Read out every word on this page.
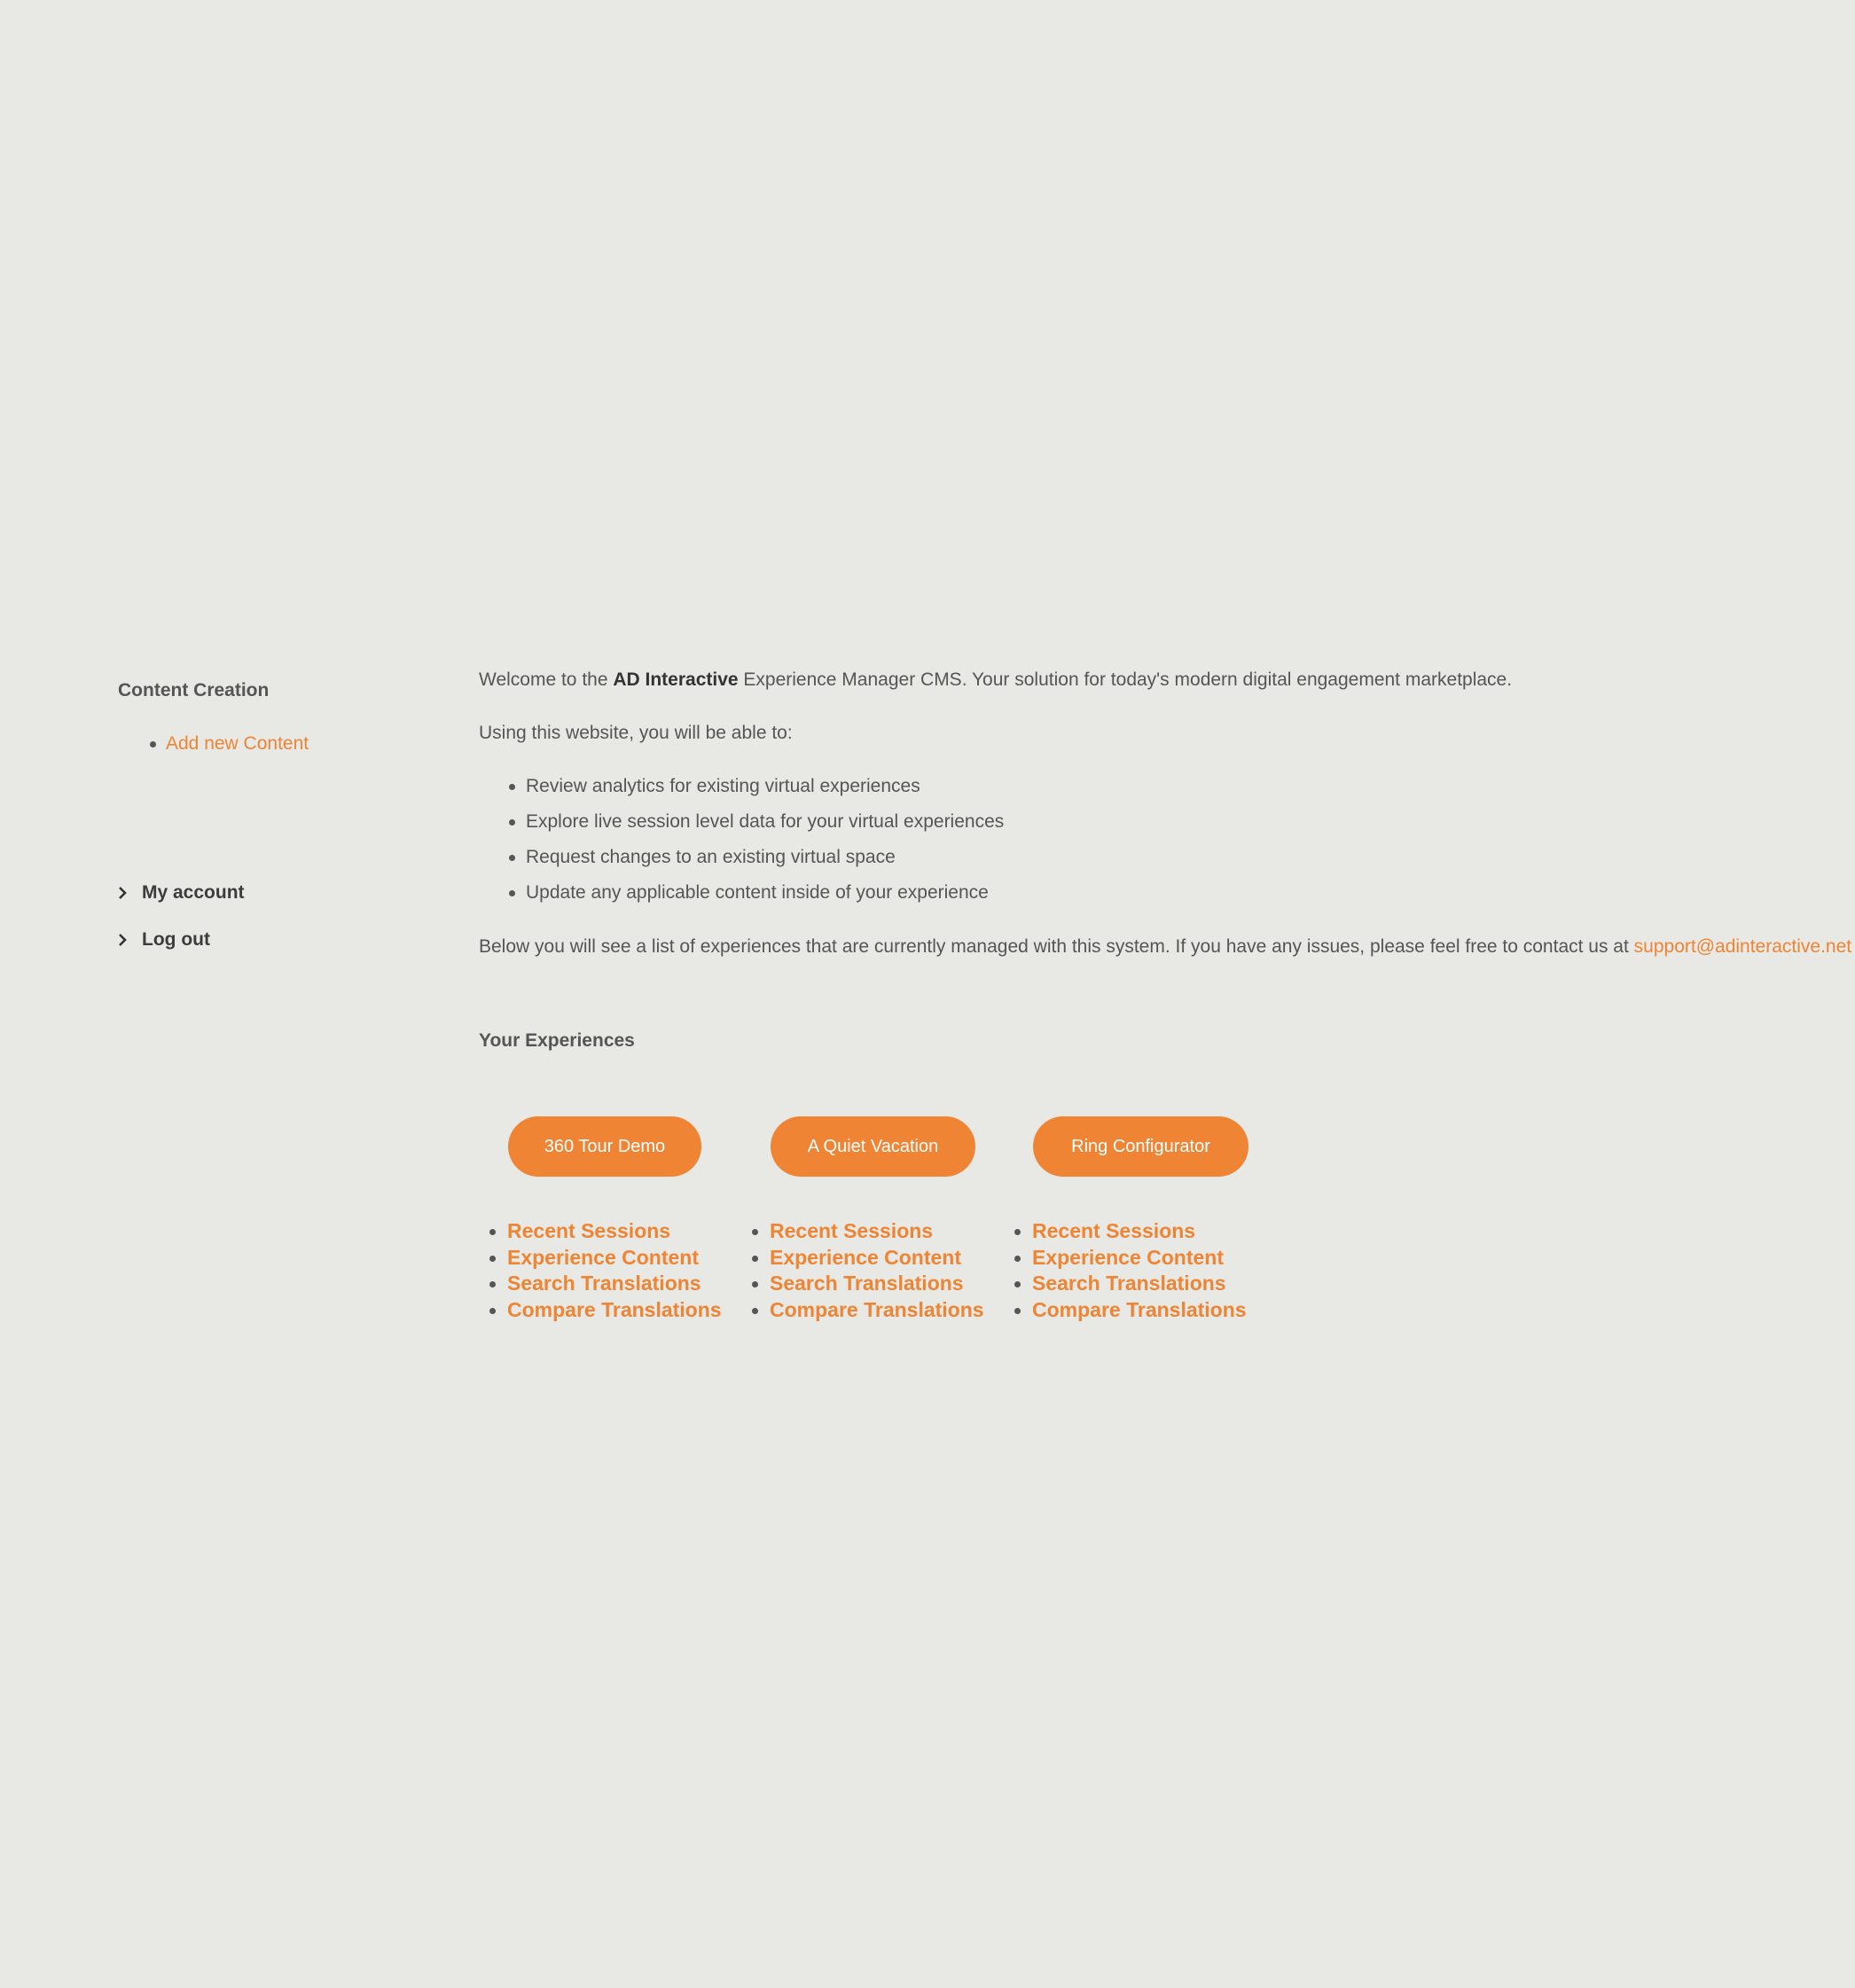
Content Creation
Add new Content
My account
Log out

Welcome to the AD Interactive Experience Manager CMS. Your solution for today's modern digital engagement marketplace.

Using this website, you will be able to:

Review analytics for existing virtual experiences
Explore live session level data for your virtual experiences
Request changes to an existing virtual space
Update any applicable content inside of your experience

Below you will see a list of experiences that are currently managed with this system. If you have any issues, please feel free to contact us at support@adinteractive.net

Your Experiences
360 Tour Demo
Recent Sessions
Experience Content
Search Translations
Compare Translations
A Quiet Vacation
Recent Sessions
Experience Content
Search Translations
Compare Translations
Ring Configurator
Recent Sessions
Experience Content
Search Translations
Compare Translations
